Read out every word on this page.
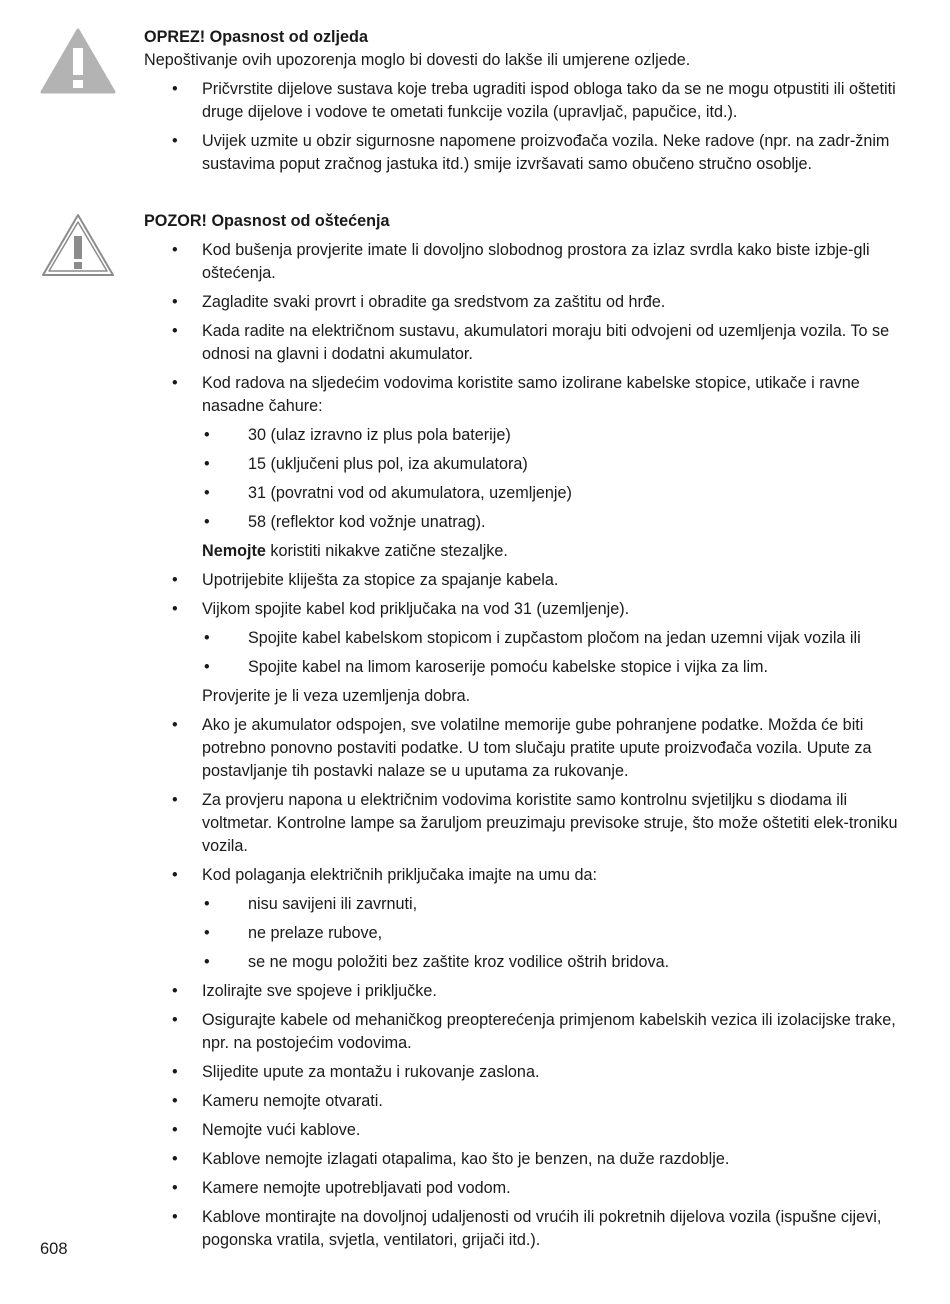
OPREZ! Opasnost od ozljeda

Nepoštivanje ovih upozorenja moglo bi dovesti do lakše ili umjerene ozljede.

• Pričvrstite dijelove sustava koje treba ugraditi ispod obloga tako da se ne mogu otpustiti ili oštetiti druge dijelove i vodove te ometati funkcije vozila (upravljač, papučice, itd.).
• Uvijek uzmite u obzir sigurnosne napomene proizvođača vozila. Neke radove (npr. na zadr-žnim sustavima poput zračnog jastuka itd.) smije izvršavati samo obučeno stručno osoblje.

POZOR! Opasnost od oštećenja

• Kod bušenja provjerite imate li dovoljno slobodnog prostora za izlaz svrdla kako biste izbje-gli oštećenja.
• Zagladite svaki provrt i obradite ga sredstvom za zaštitu od hrđe.
• Kada radite na električnom sustavu, akumulatori moraju biti odvojeni od uzemljenja vozila. To se odnosi na glavni i dodatni akumulator.
• Kod radova na sljedećim vodovima koristite samo izolirane kabelske stopice, utikače i ravne nasadne čahure:
• 30 (ulaz izravno iz plus pola baterije)
• 15 (uključeni plus pol, iza akumulatora)
• 31 (povratni vod od akumulatora, uzemljenje)
• 58 (reflektor kod vožnje unatrag).
Nemojte koristiti nikakve zatične stezaljke.
• Upotrijebite kliješta za stopice za spajanje kabela.
• Vijkom spojite kabel kod priključaka na vod 31 (uzemljenje).
• Spojite kabel kabelskom stopicom i zupčastom pločom na jedan uzemni vijak vozila ili
• Spojite kabel na limom karoserije pomoću kabelske stopice i vijka za lim.
Provjerite je li veza uzemljenja dobra.
• Ako je akumulator odspojen, sve volatilne memorije gube pohranjene podatke. Možda će biti potrebno ponovno postaviti podatke. U tom slučaju pratite upute proizvođača vozila. Upute za postavljanje tih postavki nalaze se u uputama za rukovanje.
• Za provjeru napona u električnim vodovima koristite samo kontrolnu svjetiljku s diodama ili voltmetar. Kontrolne lampe sa žaruljom preuzimaju previsoke struje, što može oštetiti elek-troniku vozila.
• Kod polaganja električnih priključaka imajte na umu da:
• nisu savijeni ili zavrnuti,
• ne prelaze rubove,
• se ne mogu položiti bez zaštite kroz vodilice oštrih bridova.
• Izolirajte sve spojeve i priključke.
• Osigurajte kabele od mehaničkog preopterećenja primjenom kabelskih vezica ili izolacijske trake, npr. na postojećim vodovima.
• Slijedite upute za montažu i rukovanje zaslona.
• Kameru nemojte otvarati.
• Nemojte vući kablove.
• Kablove nemojte izlagati otapalima, kao što je benzen, na duže razdoblje.
• Kamere nemojte upotrebljavati pod vodom.
• Kablove montirajte na dovoljnoj udaljenosti od vrućih ili pokretnih dijelova vozila (ispušne cijevi, pogonska vratila, svjetla, ventilatori, grijači itd.).
608
